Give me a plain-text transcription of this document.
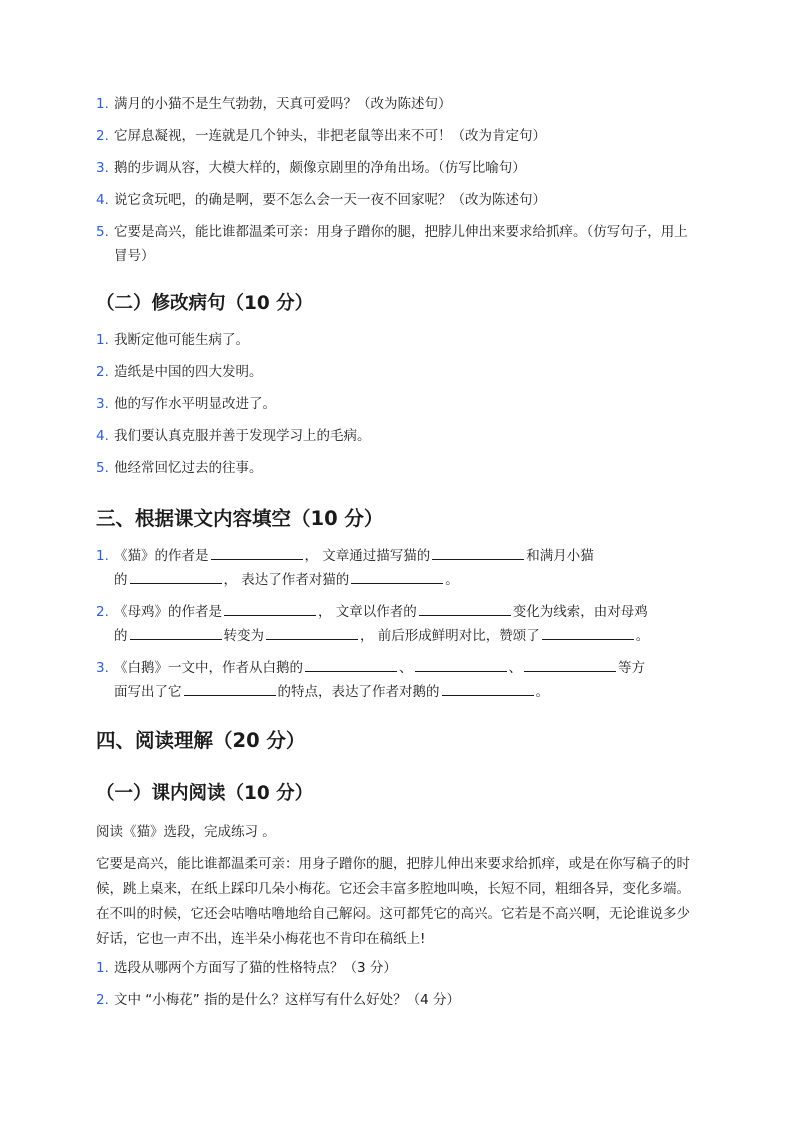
1. 满月的小猫不是生气勃勃，天真可爱吗？（改为陈述句）
2. 它屏息凝视，一连就是几个钟头，非把老鼠等出来不可！（改为肯定句）
3. 鹅的步调从容，大模大样的，颇像京剧里的净角出场。（仿写比喻句）
4. 说它贪玩吧，的确是啊，要不怎么会一天一夜不回家呢？（改为陈述句）
5. 它要是高兴，能比谁都温柔可亲：用身子蹭你的腿，把脖儿伸出来要求给抓痒。（仿写句子，用上冒号）
（二）修改病句（10 分）
1. 我断定他可能生病了。
2. 造纸是中国的四大发明。
3. 他的写作水平明显改进了。
4. 我们要认真克服并善于发现学习上的毛病。
5. 他经常回忆过去的往事。
三、根据课文内容填空（10 分）
1. 《猫》的作者是	， 文章通过描写猫的	和满月小猫
的	， 表达了作者对猫的	。
2. 《母鸡》的作者是	， 文章以作者的	变化为线索，由对母鸡
的	转变为	， 前后形成鲜明对比，赞颂了	。
3. 《白鹅》一文中，作者从白鹅的	、	、	等方
面写出了它	的特点，表达了作者对鹅的	。
四、阅读理解（20 分）
（一）课内阅读（10 分）
阅读《猫》选段，完成练习 。
它要是高兴，能比谁都温柔可亲：用身子蹭你的腿，把脖儿伸出来要求给抓痒，或是在你写稿子的时候，跳上桌来，在纸上踩印几朵小梅花。它还会丰富多腔地叫唤，长短不同，粗细各异，变化多端。在不叫的时候，它还会咕噜咕噜地给自己解闷。这可都凭它的高兴。它若是不高兴啊，无论谁说多少好话，它也一声不出，连半朵小梅花也不肯印在稿纸上!
1. 选段从哪两个方面写了猫的性格特点？（3 分）
2. 文中 “小梅花” 指的是什么？这样写有什么好处？（4 分）
